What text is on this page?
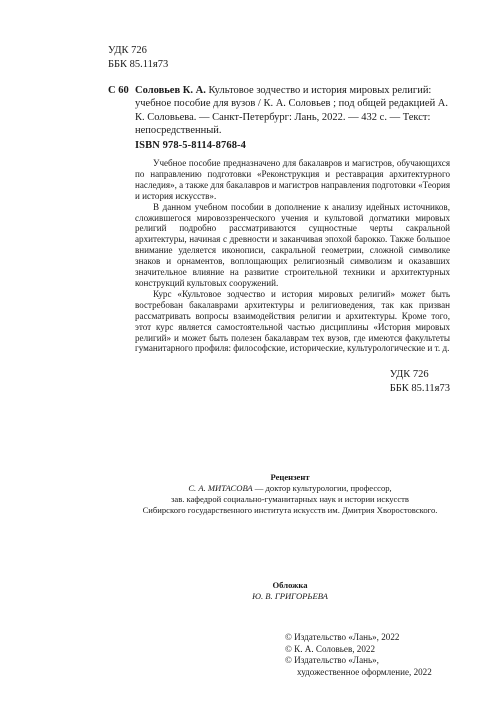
УДК 726
ББК 85.11я73
С 60 Соловьев К. А. Культовое зодчество и история мировых религий: учебное пособие для вузов / К. А. Соловьев ; под общей редакцией А. К. Соловьева. — Санкт-Петербург: Лань, 2022. — 432 с. — Текст: непосредственный.
ISBN 978-5-8114-8768-4

Учебное пособие предназначено для бакалавров и магистров, обучающихся по направлению подготовки «Реконструкция и реставрация архитектурного наследия», а также для бакалавров и магистров направления подготовки «Теория и история искусств».

В данном учебном пособии в дополнение к анализу идейных источников, сложившегося мировоззренческого учения и культовой догматики мировых религий подробно рассматриваются сущностные черты сакральной архитектуры, начиная с древности и заканчивая эпохой барокко. Также большое внимание уделяется иконописи, сакральной геометрии, сложной символике знаков и орнаментов, воплощающих религиозный символизм и оказавших значительное влияние на развитие строительной техники и архитектурных конструкций культовых сооружений.

Курс «Культовое зодчество и история мировых религий» может быть востребован бакалаврами архитектуры и религиоведения, так как призван рассматривать вопросы взаимодействия религии и архитектуры. Кроме того, этот курс является самостоятельной частью дисциплины «История мировых религий» и может быть полезен бакалаврам тех вузов, где имеются факультеты гуманитарного профиля: философские, исторические, культурологические и т. д.

УДК 726
ББК 85.11я73
Рецензент
С. А. МИТАСОВА — доктор культурологии, профессор,
зав. кафедрой социально-гуманитарных наук и истории искусств
Сибирского государственного института искусств им. Дмитрия Хворостовского.
Обложка
Ю. В. ГРИГОРЬЕВА
© Издательство «Лань», 2022
© К. А. Соловьев, 2022
© Издательство «Лань»,
художественное оформление, 2022
